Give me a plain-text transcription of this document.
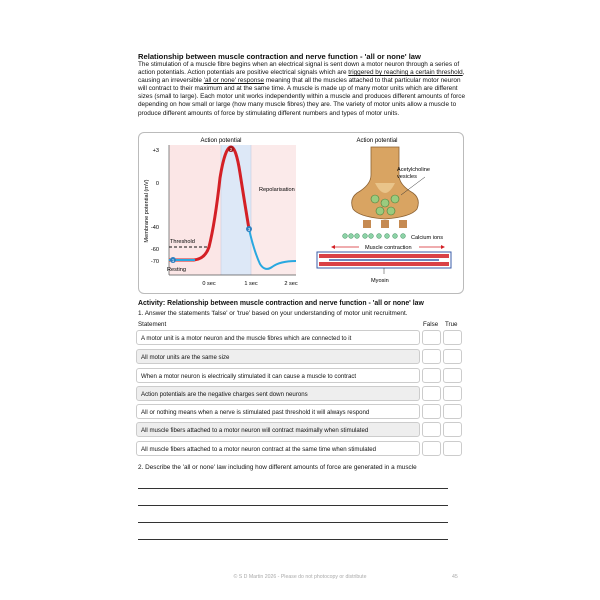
Relationship between muscle contraction and nerve function - 'all or none' law

The stimulation of a muscle fibre begins when an electrical signal is sent down a motor neuron through a series of action potentials. Action potentials are positive electrical signals which are triggered by reaching a certain threshold, causing an irreversible 'all or none' response meaning that all the muscles attached to that particular motor neuron will contract to their maximum and at the same time. A muscle is made up of many motor units which are different sizes (small to large). Each motor unit works independently within a muscle and produces different amounts of force depending on how small or large (how many muscle fibres) they are. The variety of motor units allow a muscle to produce different amounts of force by stimulating different numbers and types of motor units.

Action potential
Membrane potential (mV)
+3
0
-40
-60
-70
0 sec	1 sec	2 sec
1
2
3
Repolarisation
Threshold
Resting
Action potential
Acetylcholine vesicles
Calcium ions
Muscle contraction
Myosin

Activity: Relationship between muscle contraction and nerve function - 'all or none' law

1. Answer the statements 'false' or 'true' based on your understanding of motor unit recruitment.

Statement	False True
A motor unit is a motor neuron and the muscle fibres which are connected to it
All motor units are the same size
When a motor neuron is electrically stimulated it can cause a muscle to contract
Action potentials are the negative charges sent down neurons
All or nothing means when a nerve is stimulated past threshold it will always respond
All muscle fibers attached to a motor neuron will contract maximally when stimulated
All muscle fibers attached to a motor neuron contract at the same time when stimulated

2. Describe the 'all or none' law including how different amounts of force are generated in a muscle

© S D Martin 2026 - Please do not photocopy or distribute	45
